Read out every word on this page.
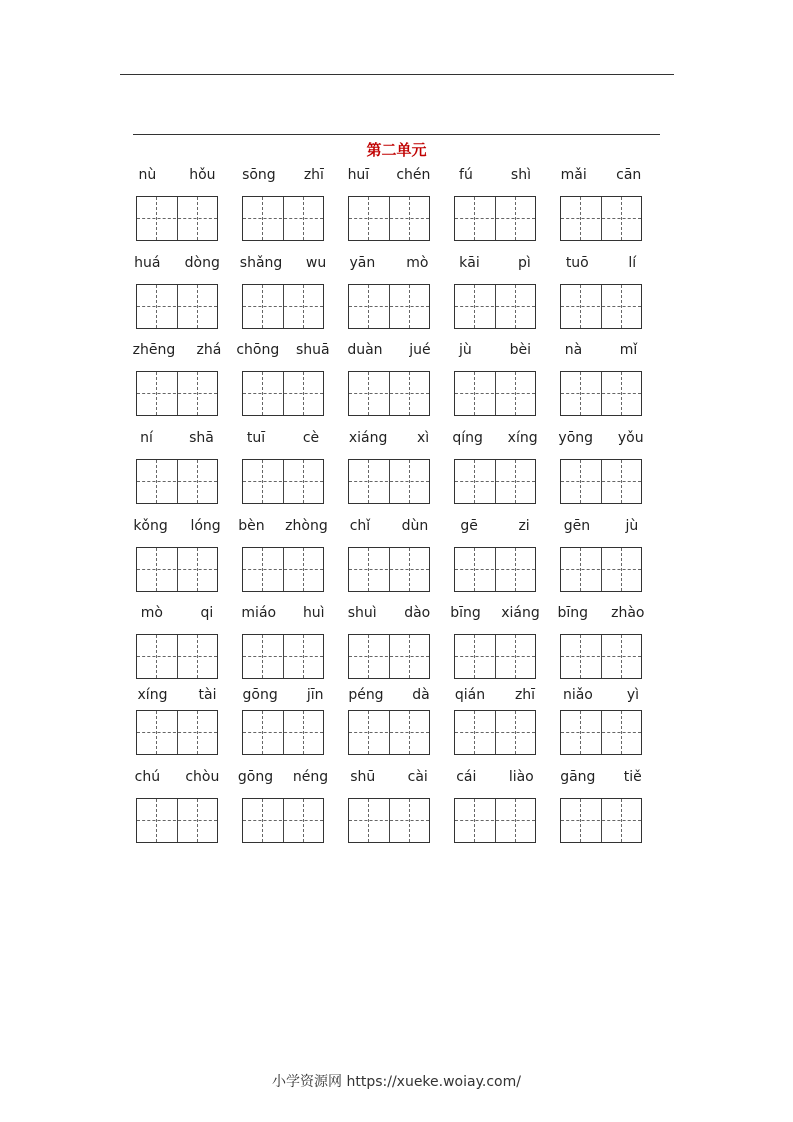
第二单元
nù hǒu sōng zhī huī chén fú	shì mǎi cān
huá dòng shǎng wu yān mò kāi	pì tuō	lí
zhēng zhá chōng shuā duàn jué jù	bèi nà	mǐ
ní	shā tuī	cè xiáng xì qíng xíng yōng yǒu
kǒng lóng bèn zhòng chǐ dùn gē	zi gēn	jù
mò	qi miáo huì shuì dào bīng xiáng bīng zhào
xíng tài gōng jīn péng dà qián zhī niǎo yì
chú chòu gōng néng shū cài cái liào gāng tiě
小学资源网 https://xueke.woiay.com/
